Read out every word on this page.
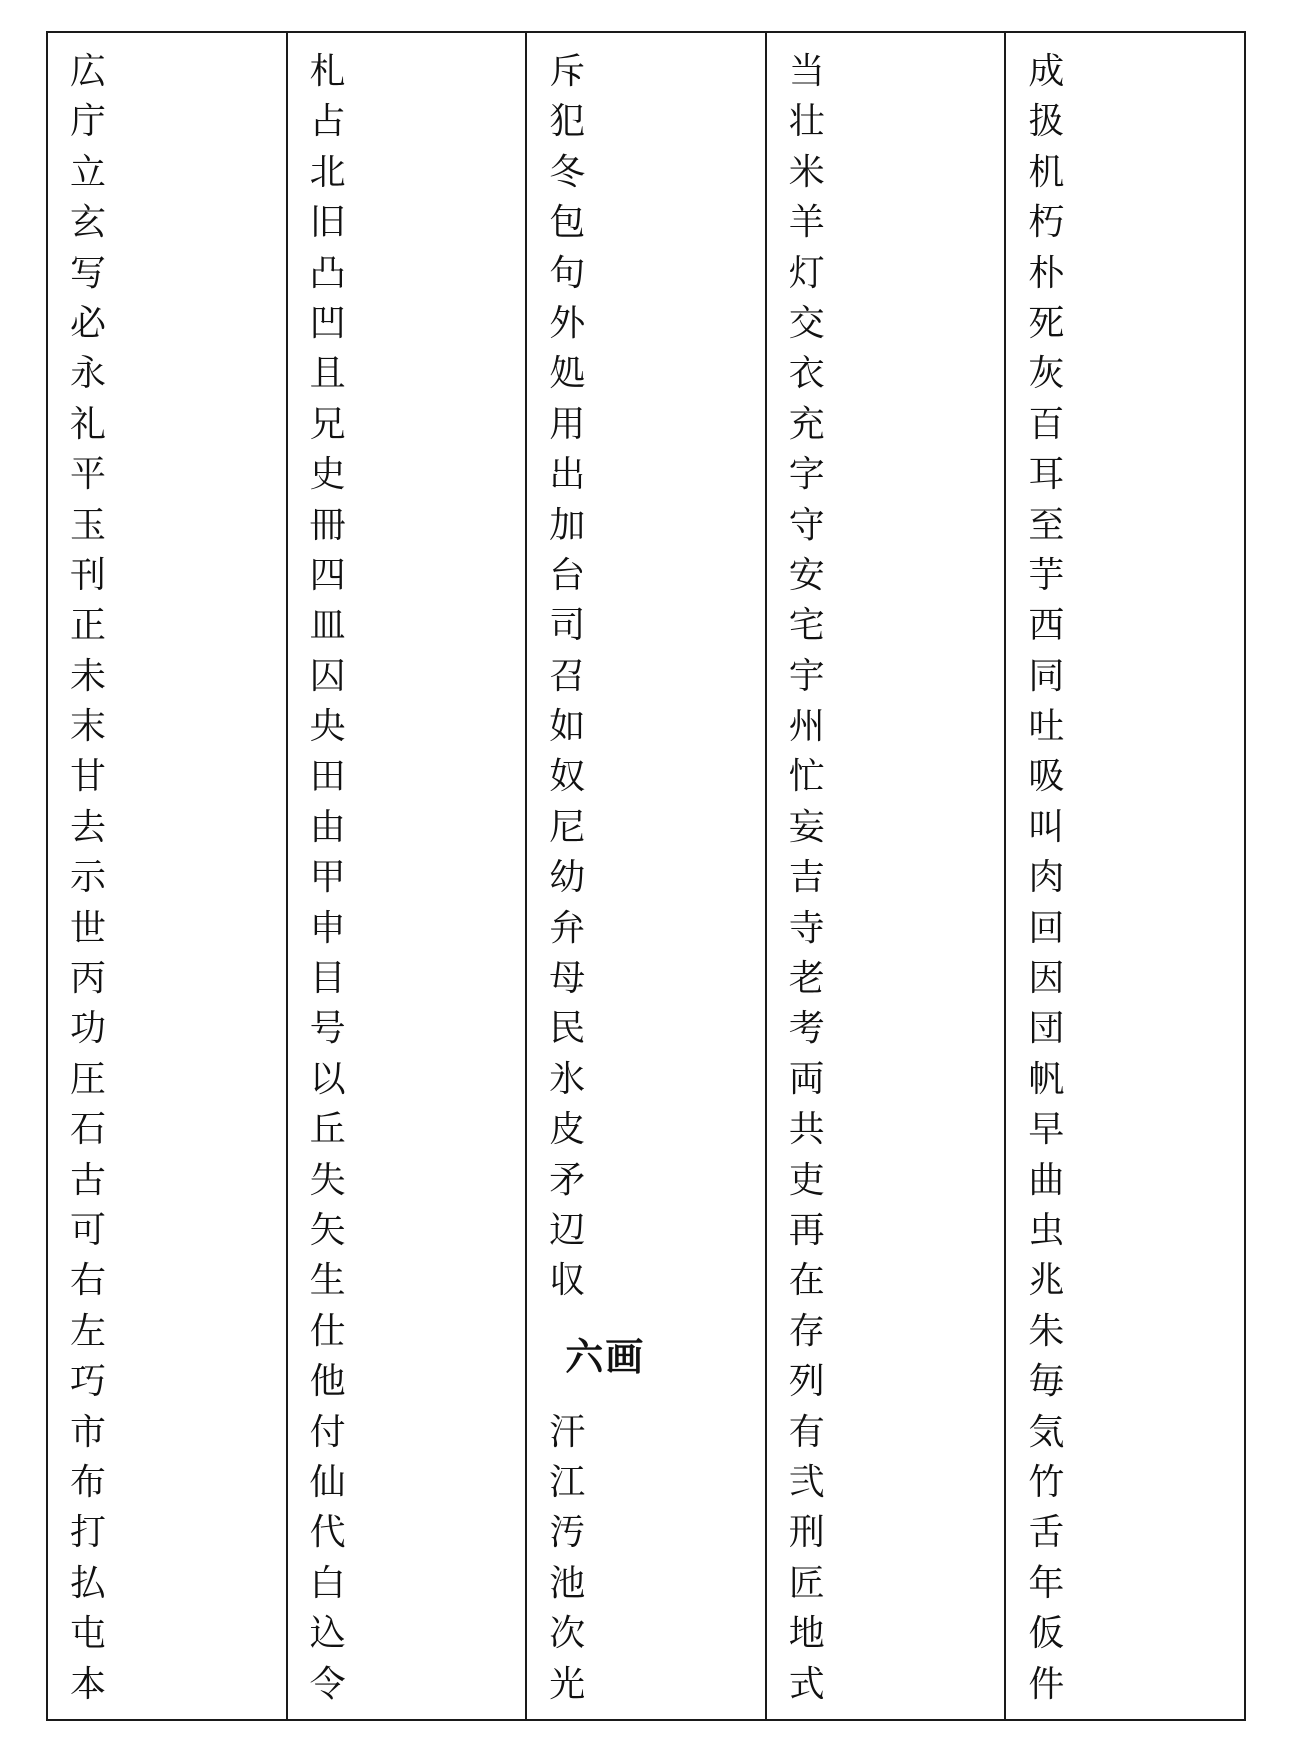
広
庁
立
玄
写
必
永
礼
平
玉
刊
正
未
末
甘
去
示
世
丙
功
圧
石
古
可
右
左
巧
市
布
打
払
屯
本
札
占
北
旧
凸
凹
且
兄
史
冊
四
皿
囚
央
田
由
甲
申
目
号
以
丘
失
矢
生
仕
他
付
仙
代
白
込
令
斥
犯
冬
包
句
外
処
用
出
加
台
司
召
如
奴
尼
幼
弁
母
民
氷
皮
矛
辺
収
六画
汗
江
汚
池
次
光
当
壮
米
羊
灯
交
衣
充
字
守
安
宅
宇
州
忙
妄
吉
寺
老
考
両
共
吏
再
在
存
列
有
弐
刑
匠
地
式
成
扱
机
朽
朴
死
灰
百
耳
至
芋
西
同
吐
吸
叫
肉
回
因
団
帆
早
曲
虫
兆
朱
毎
気
竹
舌
年
仮
件
